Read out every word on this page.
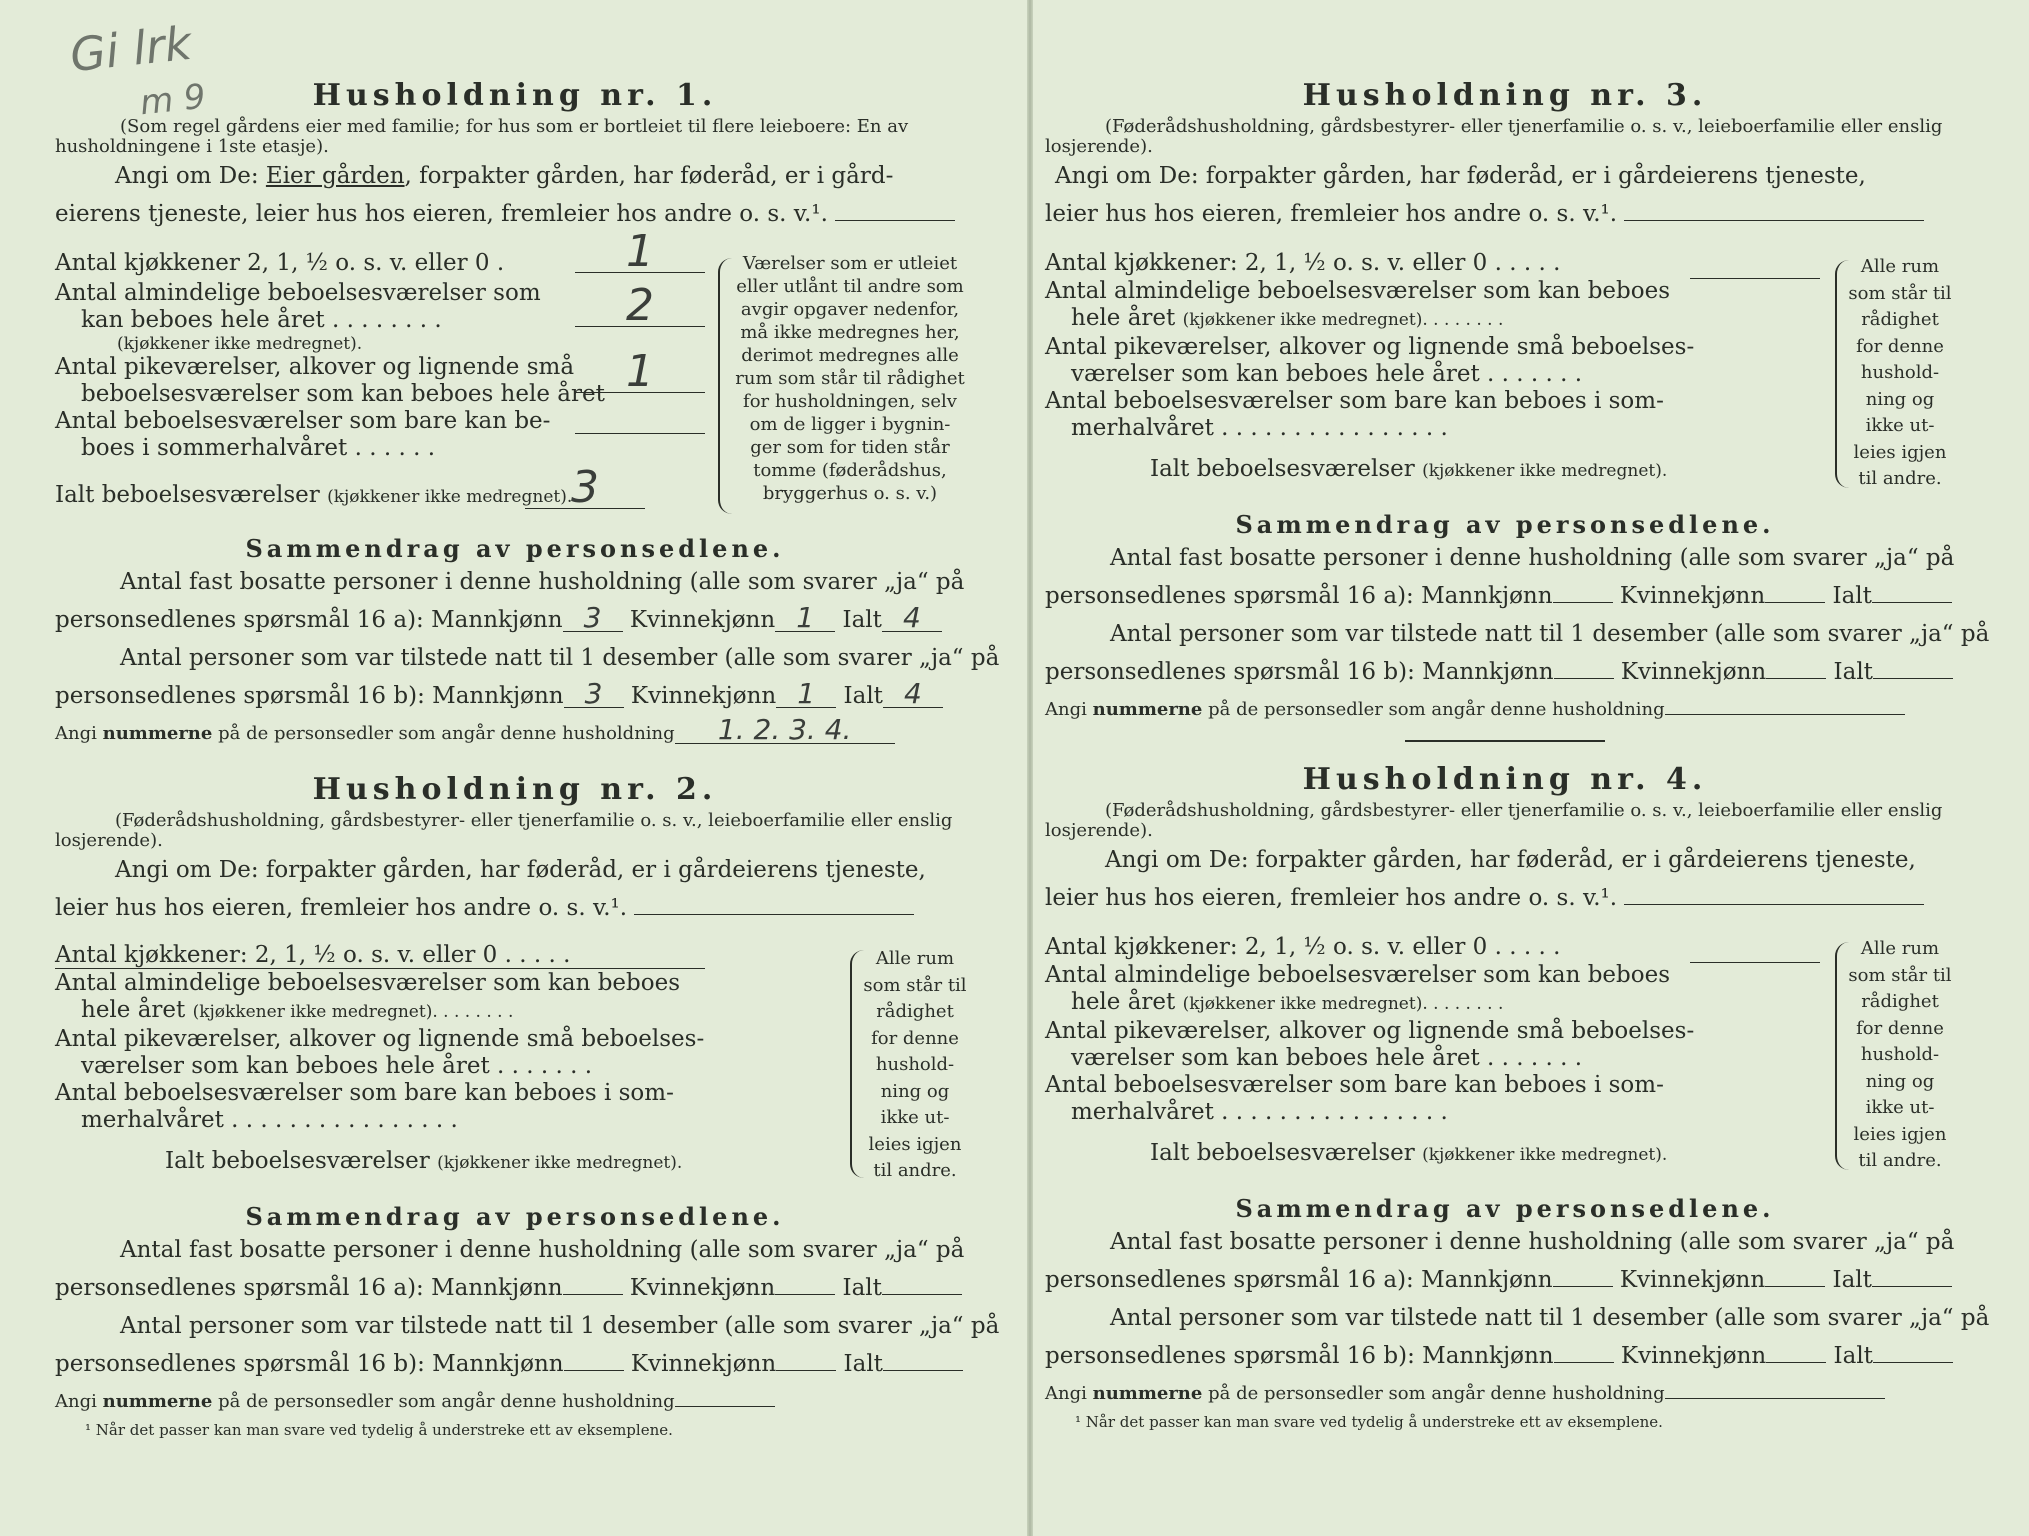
Gi lrk
m 9	Husholdning nr. 1.

(Som regel gårdens eier med familie; for hus som er bortleiet til flere leieboere: En av husholdningene i 1ste etasje).

Angi om De: Eier gården, forpakter gården, har føderåd, er i gård-
eierens tjeneste, leier hus hos eieren, fremleier hos andre o. s. v.¹.
Antal kjøkkener 2, 1, ½ o. s. v. eller 0 .	1
Antal almindelige beboelsesværelser som	2
kan beboes hele året . . . . . . . .
(kjøkkener ikke medregnet).
Antal pikeværelser, alkover og lignende små	1
beboelsesværelser som kan beboes hele året
Antal beboelsesværelser som bare kan be-
boes i sommerhalvåret . . . . . .
Ialt beboelsesværelser (kjøkkener ikke medregnet).
3
Værelser som er utleiet
eller utlånt til andre som
avgir opgaver nedenfor,
må ikke medregnes her,
derimot medregnes alle
rum som står til rådighet
for husholdningen, selv
om de ligger i bygnin-
ger som for tiden står
tomme (føderådshus, bryggerhus o. s. v.)
Sammendrag av personsedlene.
Antal fast bosatte personer i denne husholdning (alle som svarer „ja“ på
personsedlenes spørsmål 16 a): Mannkjønn 3 Kvinnekjønn 1 Ialt 4
Antal personer som var tilstede natt til 1 desember (alle som svarer „ja“ på
personsedlenes spørsmål 16 b): Mannkjønn 3 Kvinnekjønn 1 Ialt 4
Angi nummerne på de personsedler som angår denne husholdning 1. 2. 3. 4.
Husholdning nr. 2.

(Føderådshusholdning, gårdsbestyrer- eller tjenerfamilie o. s. v., leieboerfamilie eller enslig losjerende).

Angi om De: forpakter gården, har føderåd, er i gårdeierens tjeneste,
leier hus hos eieren, fremleier hos andre o. s. v.¹.
Antal kjøkkener: 2, 1, ½ o. s. v. eller 0 . . . . .
Antal almindelige beboelsesværelser som kan beboes
hele året (kjøkkener ikke medregnet). . . . . . . .
Antal pikeværelser, alkover og lignende små beboelses-
værelser som kan beboes hele året . . . . . . .
Antal beboelsesværelser som bare kan beboes i som-
merhalvåret . . . . . . . . . . . . . . . .
Ialt beboelsesværelser (kjøkkener ikke medregnet).
Alle rum
som står til
rådighet
for denne
hushold-
ning og
ikke ut-
leies igjen
til andre.
Sammendrag av personsedlene.
Antal fast bosatte personer i denne husholdning (alle som svarer „ja“ på
personsedlenes spørsmål 16 a): Mannkjønn	Kvinnekjønn	Ialt
Antal personer som var tilstede natt til 1 desember (alle som svarer „ja“ på
personsedlenes spørsmål 16 b): Mannkjønn	Kvinnekjønn	Ialt
Angi nummerne på de personsedler som angår denne husholdning
¹ Når det passer kan man svare ved tydelig å understreke ett av eksemplene.
Husholdning nr. 3.

(Føderådshusholdning, gårdsbestyrer- eller tjenerfamilie o. s. v., leieboerfamilie eller enslig losjerende).

Angi om De: forpakter gården, har føderåd, er i gårdeierens tjeneste,
leier hus hos eieren, fremleier hos andre o. s. v.¹.
Antal kjøkkener: 2, 1, ½ o. s. v. eller 0 . . . . .
Antal almindelige beboelsesværelser som kan beboes
hele året (kjøkkener ikke medregnet). . . . . . . .
Antal pikeværelser, alkover og lignende små beboelses-
værelser som kan beboes hele året . . . . . . .
Antal beboelsesværelser som bare kan beboes i som-
merhalvåret . . . . . . . . . . . . . . . .
Ialt beboelsesværelser (kjøkkener ikke medregnet).
Alle rum
som står til
rådighet
for denne
hushold-
ning og
ikke ut-
leies igjen
til andre.
Sammendrag av personsedlene.
Antal fast bosatte personer i denne husholdning (alle som svarer „ja“ på
personsedlenes spørsmål 16 a): Mannkjønn	Kvinnekjønn	Ialt
Antal personer som var tilstede natt til 1 desember (alle som svarer „ja“ på
personsedlenes spørsmål 16 b): Mannkjønn	Kvinnekjønn	Ialt
Angi nummerne på de personsedler som angår denne husholdning
Husholdning nr. 4.

(Føderådshusholdning, gårdsbestyrer- eller tjenerfamilie o. s. v., leieboerfamilie eller enslig losjerende).

Angi om De: forpakter gården, har føderåd, er i gårdeierens tjeneste,
leier hus hos eieren, fremleier hos andre o. s. v.¹.
Antal kjøkkener: 2, 1, ½ o. s. v. eller 0 . . . . .
Antal almindelige beboelsesværelser som kan beboes
hele året (kjøkkener ikke medregnet). . . . . . . .
Antal pikeværelser, alkover og lignende små beboelses-
værelser som kan beboes hele året . . . . . . .
Antal beboelsesværelser som bare kan beboes i som-
merhalvåret . . . . . . . . . . . . . . . .
Ialt beboelsesværelser (kjøkkener ikke medregnet).
Alle rum
som står til
rådighet
for denne
hushold-
ning og
ikke ut-
leies igjen
til andre.
Sammendrag av personsedlene.
Antal fast bosatte personer i denne husholdning (alle som svarer „ja“ på
personsedlenes spørsmål 16 a): Mannkjønn	Kvinnekjønn	Ialt
Antal personer som var tilstede natt til 1 desember (alle som svarer „ja“ på
personsedlenes spørsmål 16 b): Mannkjønn	Kvinnekjønn	Ialt
Angi nummerne på de personsedler som angår denne husholdning
¹ Når det passer kan man svare ved tydelig å understreke ett av eksemplene.
